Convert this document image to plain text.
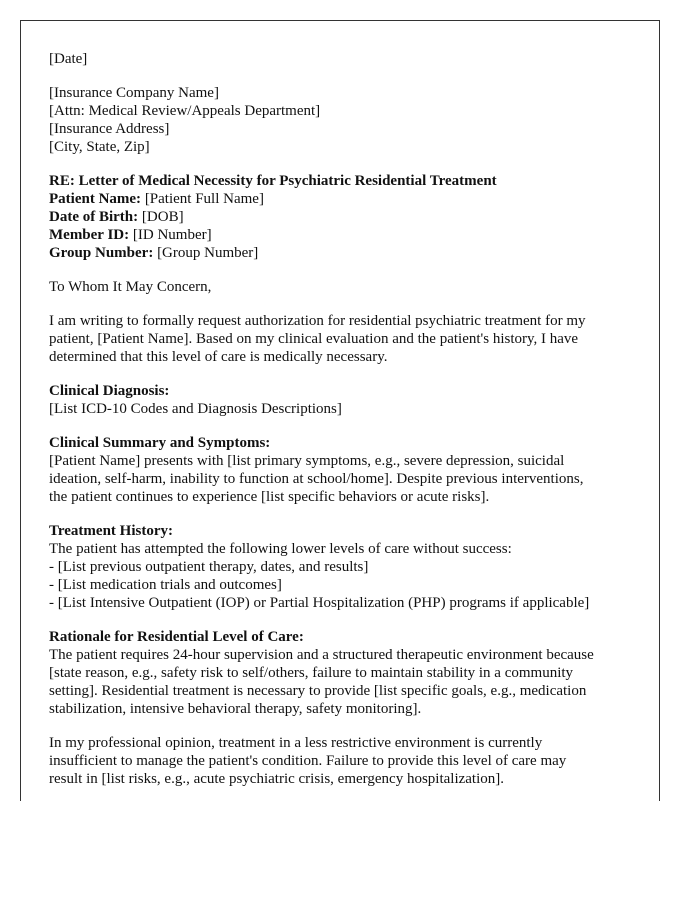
[Date]

[Insurance Company Name]
[Attn: Medical Review/Appeals Department]
[Insurance Address]
[City, State, Zip]

RE: Letter of Medical Necessity for Psychiatric Residential Treatment
Patient Name: [Patient Full Name]
Date of Birth: [DOB]
Member ID: [ID Number]
Group Number: [Group Number]

To Whom It May Concern,

I am writing to formally request authorization for residential psychiatric treatment for my
patient, [Patient Name]. Based on my clinical evaluation and the patient's history, I have
determined that this level of care is medically necessary.

Clinical Diagnosis:
[List ICD-10 Codes and Diagnosis Descriptions]

Clinical Summary and Symptoms:
[Patient Name] presents with [list primary symptoms, e.g., severe depression, suicidal
ideation, self-harm, inability to function at school/home]. Despite previous interventions,
the patient continues to experience [list specific behaviors or acute risks].

Treatment History:
The patient has attempted the following lower levels of care without success:
- [List previous outpatient therapy, dates, and results]
- [List medication trials and outcomes]
- [List Intensive Outpatient (IOP) or Partial Hospitalization (PHP) programs if applicable]

Rationale for Residential Level of Care:
The patient requires 24-hour supervision and a structured therapeutic environment because
[state reason, e.g., safety risk to self/others, failure to maintain stability in a community
setting]. Residential treatment is necessary to provide [list specific goals, e.g., medication
stabilization, intensive behavioral therapy, safety monitoring].

In my professional opinion, treatment in a less restrictive environment is currently
insufficient to manage the patient's condition. Failure to provide this level of care may
result in [list risks, e.g., acute psychiatric crisis, emergency hospitalization].
